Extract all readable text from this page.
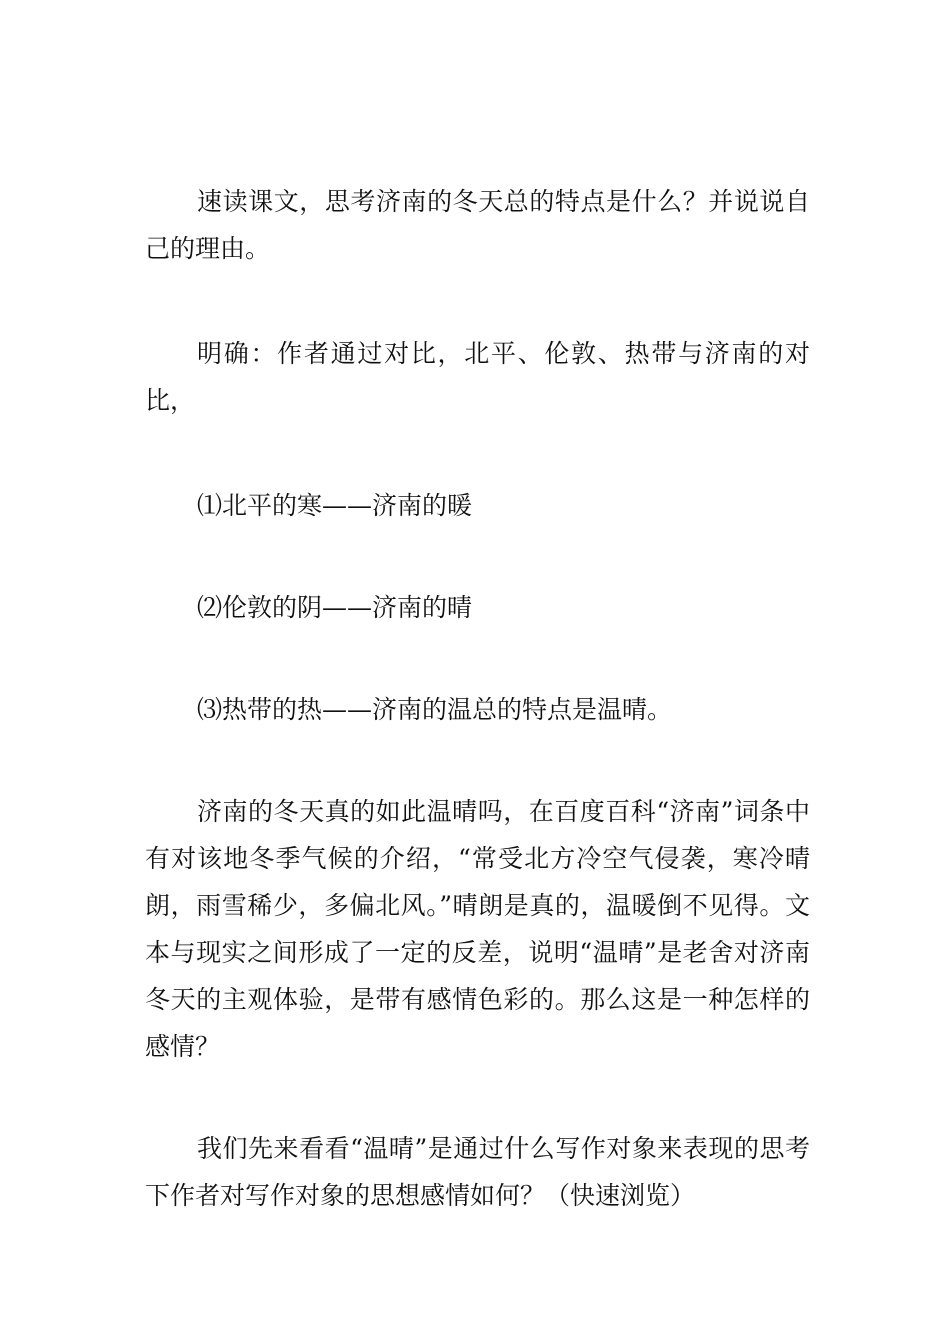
速读课文，思考济南的冬天总的特点是什么？并说说自己的理由。

明确：作者通过对比，北平、伦敦、热带与济南的对比，

⑴北平的寒——济南的暖

⑵伦敦的阴——济南的晴

⑶热带的热——济南的温总的特点是温晴。

济南的冬天真的如此温晴吗，在百度百科“济南”词条中有对该地冬季气候的介绍，“常受北方冷空气侵袭，寒冷晴朗，雨雪稀少，多偏北风。”晴朗是真的，温暖倒不见得。文本与现实之间形成了一定的反差，说明“温晴”是老舍对济南冬天的主观体验，是带有感情色彩的。那么这是一种怎样的感情？

我们先来看看“温晴”是通过什么写作对象来表现的思考下作者对写作对象的思想感情如何？（快速浏览）
